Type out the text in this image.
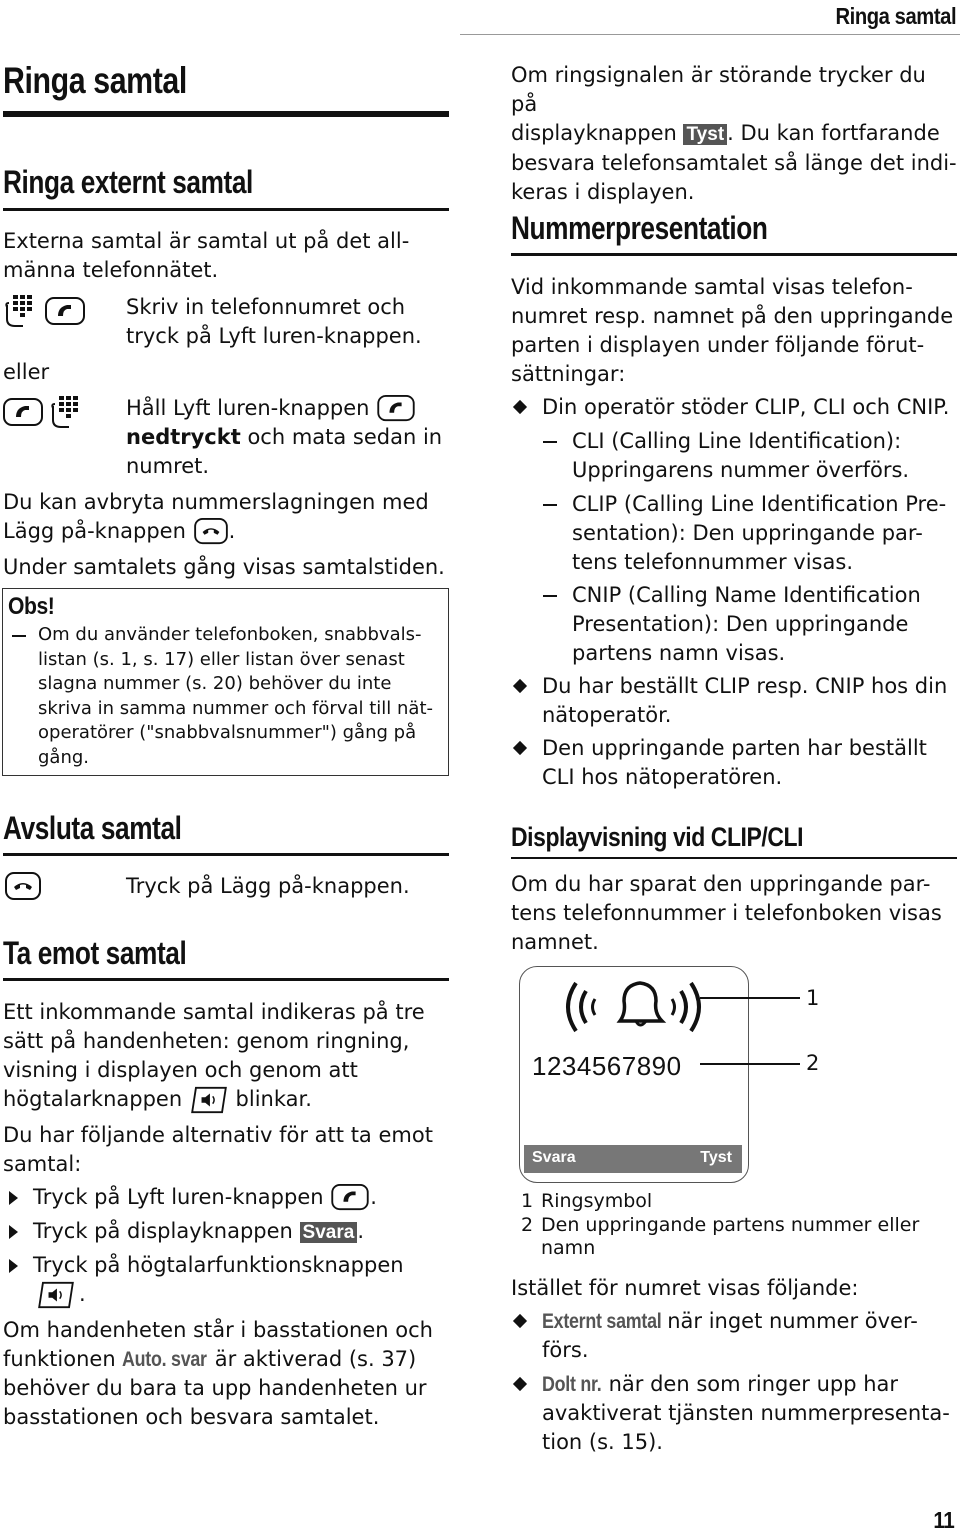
Ringa samtal
Ringa samtal
Ringa externt samtal

Externa samtal är samtal ut på det all-

männa telefonnätet.

Skriv in telefonnumret och

tryck på Lyft luren-knappen.

eller

Håll Lyft luren-knappen

nedtryckt och mata sedan in

numret.

Du kan avbryta nummerslagningen med

Lägg på-knappen .

Under samtalets gång visas samtalstiden.
Obs!
Om du använder telefonboken, snabbvals-
listan (s. 1, s. 17) eller listan över senast
slagna nummer (s. 20) behöver du inte
skriva in samma nummer och förval till nät-
operatörer ("snabbvalsnummer") gång på
gång.
Avsluta samtal
Tryck på Lägg på-knappen.
Ta emot samtal

Ett inkommande samtal indikeras på tre

sätt på handenheten: genom ringning,

visning i displayen och genom att

högtalarknappen	blinkar.

Du har följande alternativ för att ta emot

samtal:

Tryck på Lyft luren-knappen .
Tryck på displayknappen Svara .

Tryck på högtalarfunktionsknappen

.

Om handenheten står i basstationen och

funktionen Auto. svar är aktiverad (s. 37)

behöver du bara ta upp handenheten ur

basstationen och besvara samtalet.

Om ringsignalen är störande trycker du på

displayknappen Tyst . Du kan fortfarande

besvara telefonsamtalet så länge det indi-

keras i displayen.

Nummerpresentation

Vid inkommande samtal visas telefon-

numret resp. namnet på den uppringande

parten i displayen under följande förut-

sättningar:

Din operatör stöder CLIP, CLI och CNIP.

CLI (Calling Line Identification):

Uppringarens nummer överförs.

CLIP (Calling Line Identification Pre-

sentation): Den uppringande par-

tens telefonnummer visas.

CNIP (Calling Name Identification

Presentation): Den uppringande

partens namn visas.

Du har beställt CLIP resp. CNIP hos din

nätoperatör.

Den uppringande parten har beställt

CLI hos nätoperatören.

Displayvisning vid CLIP/CLI

Om du har sparat den uppringande par-

tens telefonnummer i telefonboken visas

namnet.

1234567890
Svara	Tyst
1
2
1 Ringsymbol
2 Den uppringande partens nummer eller
namn
Istället för numret visas följande:

Externt samtal när inget nummer över-

förs.

Dolt nr. när den som ringer upp har

avaktiverat tjänsten nummerpresenta-

tion (s. 15).

11
